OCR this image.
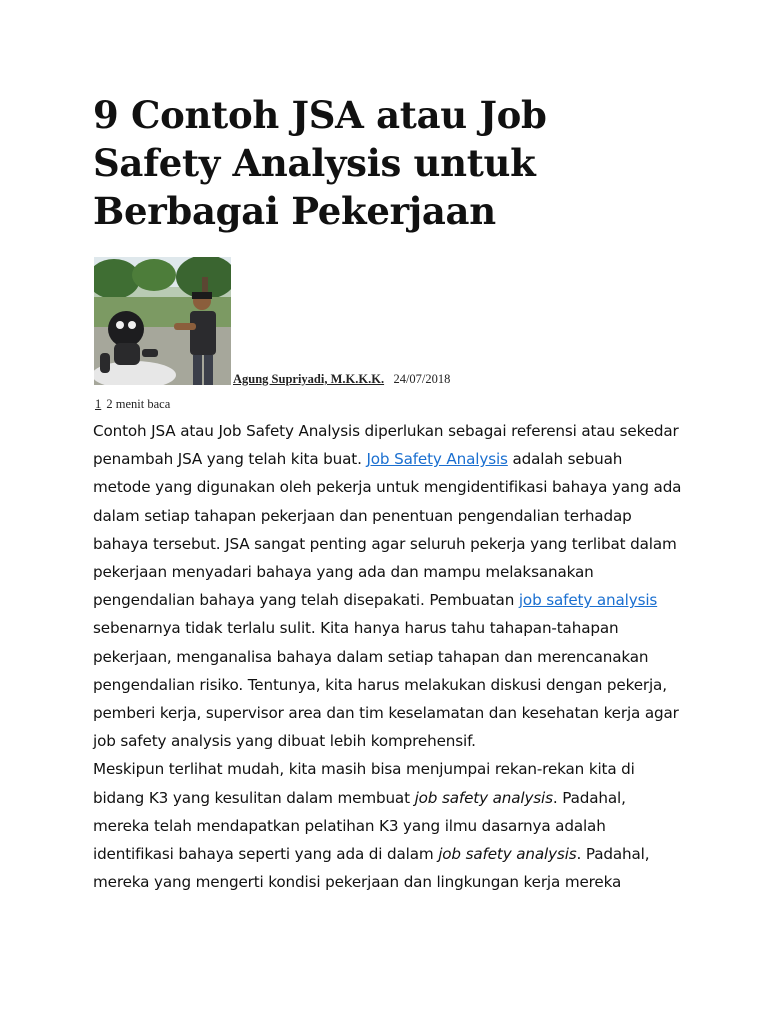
9 Contoh JSA atau Job Safety Analysis untuk Berbagai Pekerjaan
Agung Supriyadi, M.K.K.K. 24/07/2018
1 2 menit baca

Contoh JSA atau Job Safety Analysis diperlukan sebagai referensi atau sekedar penambah JSA yang telah kita buat. Job Safety Analysis adalah sebuah metode yang digunakan oleh pekerja untuk mengidentifikasi bahaya yang ada dalam setiap tahapan pekerjaan dan penentuan pengendalian terhadap bahaya tersebut. JSA sangat penting agar seluruh pekerja yang terlibat dalam pekerjaan menyadari bahaya yang ada dan mampu melaksanakan pengendalian bahaya yang telah disepakati. Pembuatan job safety analysis sebenarnya tidak terlalu sulit. Kita hanya harus tahu tahapan-tahapan pekerjaan, menganalisa bahaya dalam setiap tahapan dan merencanakan pengendalian risiko. Tentunya, kita harus melakukan diskusi dengan pekerja, pemberi kerja, supervisor area dan tim keselamatan dan kesehatan kerja agar job safety analysis yang dibuat lebih komprehensif.

Meskipun terlihat mudah, kita masih bisa menjumpai rekan-rekan kita di bidang K3 yang kesulitan dalam membuat job safety analysis. Padahal, mereka telah mendapatkan pelatihan K3 yang ilmu dasarnya adalah identifikasi bahaya seperti yang ada di dalam job safety analysis. Padahal, mereka yang mengerti kondisi pekerjaan dan lingkungan kerja mereka
